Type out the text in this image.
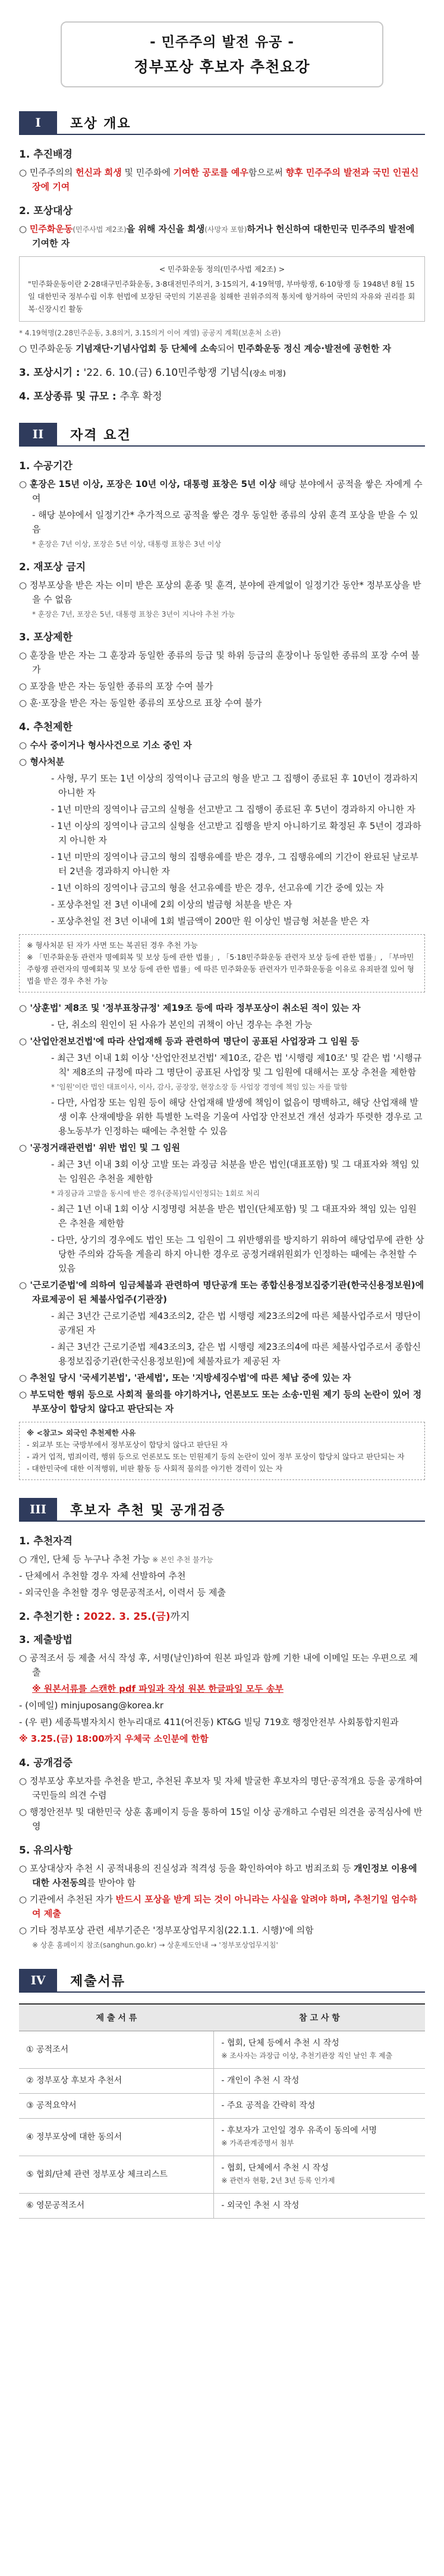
- 민주주의 발전 유공 -
정부포상 후보자 추천요강
I	포상 개요
1. 추진배경
○ 민주주의의 헌신과 희생 및 민주화에 기여한 공로를 예우함으로써 향후 민주주의 발전과 국민 인권신장에 기여
2. 포상대상
○ 민주화운동(민주사법 제2조)을 위해 자신을 희생(사망자 포함)하거나 헌신하여 대한민국 민주주의 발전에 기여한 자
< 민주화운동 정의(민주사법 제2조) >
"민주화운동이란 2·28대구민주화운동, 3·8대전민주의거, 3·15의거, 4·19혁명, 부마항쟁, 6·10항쟁 등 1948년 8월 15일 대한민국 정부수립 이후 헌법에 보장된 국민의 기본권을 침해한 권위주의적 통치에 항거하여 국민의 자유와 권리를 회복·신장시킨 활동
* 4.19혁명(2.28민주운동, 3.8의거, 3.15의거 이어 계열) 공공지 계획(보훈처 소관)
○ 민주화운동 기념재단·기념사업회 등 단체에 소속되어 민주화운동 정신 계승·발전에 공헌한 자
3. 포상시기 : '22. 6. 10.(금) 6.10민주항쟁 기념식(장소 미정)
4. 포상종류 및 규모 : 추후 확정
II	자격 요건
1. 수공기간
○ 훈장은 15년 이상, 포장은 10년 이상, 대통령 표창은 5년 이상 해당 분야에서 공적을 쌓은 자에게 수여
- 해당 분야에서 일정기간* 추가적으로 공적을 쌓은 경우 동일한 종류의 상위 훈격 포상을 받을 수 있음
* 훈장은 7년 이상, 포장은 5년 이상, 대통령 표창은 3년 이상
2. 재포상 금지
○ 정부포상을 받은 자는 이미 받은 포상의 훈종 및 훈격, 분야에 관계없이 일정기간 동안* 정부포상을 받을 수 없음
* 훈장은 7년, 포장은 5년, 대통령 표창은 3년이 지나야 추천 가능
3. 포상제한
○ 훈장을 받은 자는 그 훈장과 동일한 종류의 등급 및 하위 등급의 훈장이나 동일한 종류의 포장 수여 불가
○ 포장을 받은 자는 동일한 종류의 포장 수여 불가
○ 훈·포장을 받은 자는 동일한 종류의 포상으로 표창 수여 불가
4. 추천제한
○ 수사 중이거나 형사사건으로 기소 중인 자
○ 형사처분
- 사형, 무기 또는 1년 이상의 징역이나 금고의 형을 받고 그 집행이 종료된 후 10년이 경과하지 아니한 자
- 1년 미만의 징역이나 금고의 실형을 선고받고 그 집행이 종료된 후 5년이 경과하지 아니한 자
- 1년 이상의 징역이나 금고의 실형을 선고받고 집행을 받지 아니하기로 확정된 후 5년이 경과하지 아니한 자
- 1년 미만의 징역이나 금고의 형의 집행유예를 받은 경우, 그 집행유예의 기간이 완료된 날로부터 2년을 경과하지 아니한 자
- 1년 이하의 징역이나 금고의 형을 선고유예를 받은 경우, 선고유예 기간 중에 있는 자
- 포상추천일 전 3년 이내에 2회 이상의 벌금형 처분을 받은 자
- 포상추천일 전 3년 이내에 1회 벌금액이 200만 원 이상인 벌금형 처분을 받은 자
※ 형사처분 된 자가 사면 또는 복권된 경우 추천 가능
※ 「민주화운동 관련자 명예회복 및 보상 등에 관한 법률」, 「5·18민주화운동 관련자 보상 등에 관한 법률」, 「부마민주항쟁 관련자의 명예회복 및 보상 등에 관한 법률」에 따른 민주화운동 관련자가 민주화운동을 이유로 유죄판결 있어 형법을 받은 경우 추천 가능
○ '상훈법' 제8조 및 '정부표창규정' 제19조 등에 따라 정부포상이 취소된 적이 있는 자
- 단, 취소의 원인이 된 사유가 본인의 귀책이 아닌 경우는 추천 가능
○ '산업안전보건법'에 따라 산업재해 등과 관련하여 명단이 공표된 사업장과 그 임원 등
- 최근 3년 이내 1회 이상 '산업안전보건법' 제10조, 같은 법 '시행령 제10조' 및 같은 법 '시행규칙' 제8조의 규정에 따라 그 명단이 공표된 사업장 및 그 임원에 대해서는 포상 추천을 제한함
* '임원'이란 법인 대표이사, 이사, 감사, 공장장, 현장소장 등 사업장 경영에 책임 있는 자를 말함
- 다만, 사업장 또는 임원 등이 해당 산업재해 발생에 책임이 없음이 명백하고, 해당 산업재해 발생 이후 산재예방을 위한 특별한 노력을 기울여 사업장 안전보건 개선 성과가 뚜렷한 경우로 고용노동부가 인정하는 때에는 추천할 수 있음
○ '공정거래관련법' 위반 법인 및 그 임원
- 최근 3년 이내 3회 이상 고발 또는 과징금 처분을 받은 법인(대표포함) 및 그 대표자와 책임 있는 임원은 추천을 제한함
* 과징금과 고발을 동시에 받은 경우(중복)일시인정되는 1회로 처리
- 최근 1년 이내 1회 이상 시정명령 처분을 받은 법인(단체포함) 및 그 대표자와 책임 있는 임원은 추천을 제한함
- 다만, 상기의 경우에도 법인 또는 그 임원이 그 위반행위를 방지하기 위하여 해당업무에 관한 상당한 주의와 감독을 게을리 하지 아니한 경우로 공정거래위원회가 인정하는 때에는 추천할 수 있음
○ '근로기준법'에 의하여 임금체불과 관련하여 명단공개 또는 종합신용정보집중기관(한국신용정보원)에 자료제공이 된 체불사업주(기관장)
- 최근 3년간 근로기준법 제43조의2, 같은 법 시행령 제23조의2에 따른 체불사업주로서 명단이 공개된 자
- 최근 3년간 근로기준법 제43조의3, 같은 법 시행령 제23조의4에 따른 체불사업주로서 종합신용정보집중기관(한국신용정보원)에 체불자료가 제공된 자
○ 추천일 당시 '국세기본법', '관세법', 또는 '지방세징수법'에 따른 체납 중에 있는 자
○ 부도덕한 행위 등으로 사회적 물의를 야기하거나, 언론보도 또는 소송·민원 제기 등의 논란이 있어 정부포상이 합당치 않다고 판단되는 자
※ <참고> 외국인 추천제한 사유
- 외교부 또는 국방부에서 정부포상이 합당치 않다고 판단된 자
- 과거 업적, 범죄이력, 행위 등으로 언론보도 또는 민원제기 등의 논란이 있어 정부 포상이 합당치 않다고 판단되는 자
- 대한민국에 대한 이적행위, 비판 활동 등 사회적 물의를 야기한 경력이 있는 자
III	후보자 추천 및 공개검증
1. 추천자격
○ 개인, 단체 등 누구나 추천 가능 ※ 본인 추천 불가능
- 단체에서 추천할 경우 자체 선발하여 추천
- 외국인을 추천할 경우 영문공적조서, 이력서 등 제출
2. 추천기한 : 2022. 3. 25.(금)까지
3. 제출방법
○ 공적조서 등 제출 서식 작성 후, 서명(날인)하여 원본 파일과 함께 기한 내에 이메일 또는 우편으로 제출
※ 원본서류를 스캔한 pdf 파일과 작성 원본 한글파일 모두 송부
- (이메일) minjuposang@korea.kr
- (우 편) 세종특별자치시 한누리대로 411(어진동) KT&G 빌딩 719호 행정안전부 사회통합지원과
※ 3.25.(금) 18:00까지 우체국 소인분에 한함
4. 공개검증
○ 정부포상 후보자를 추천을 받고, 추천된 후보자 및 자체 발굴한 후보자의 명단·공적개요 등을 공개하여 국민들의 의견 수렴
○ 행정안전부 및 대한민국 상훈 홈페이지 등을 통하여 15일 이상 공개하고 수렴된 의견을 공적심사에 반영
5. 유의사항
○ 포상대상자 추천 시 공적내용의 진실성과 적격성 등을 확인하여야 하고 범죄조회 등 개인정보 이용에 대한 사전동의를 받아야 함
○ 기관에서 추천된 자가 반드시 포상을 받게 되는 것이 아니라는 사실을 알려야 하며, 추천기일 엄수하여 제출
○ 기타 정부포상 관련 세부기준은 '정부포상업무지침(22.1.1. 시행)'에 의함
※ 상훈 홈페이지 참조(sanghun.go.kr) → 상훈제도안내 → '정부포상업무지침'
IV	제출서류
제 출 서 류	참 고 사 항
① 공적조서	- 협회, 단체 등에서 추천 시 작성
※ 조사자는 과장급 이상, 추천기관장 직인 날인 후 제출

② 정부포상 후보자 추천서	- 개인이 추천 시 작성

③ 공적요약서	- 주요 공적을 간략히 작성

④ 정부포상에 대한 동의서	- 후보자가 고인일 경우 유족이 동의에 서명
※ 가족관계증명서 첨부

⑤ 협회/단체 관련 정부포상 체크리스트	- 협회, 단체에서 추천 시 작성
※ 관련자 현황, 2년 3년 등록 인가제

⑥ 영문공적조서	- 외국인 추천 시 작성
